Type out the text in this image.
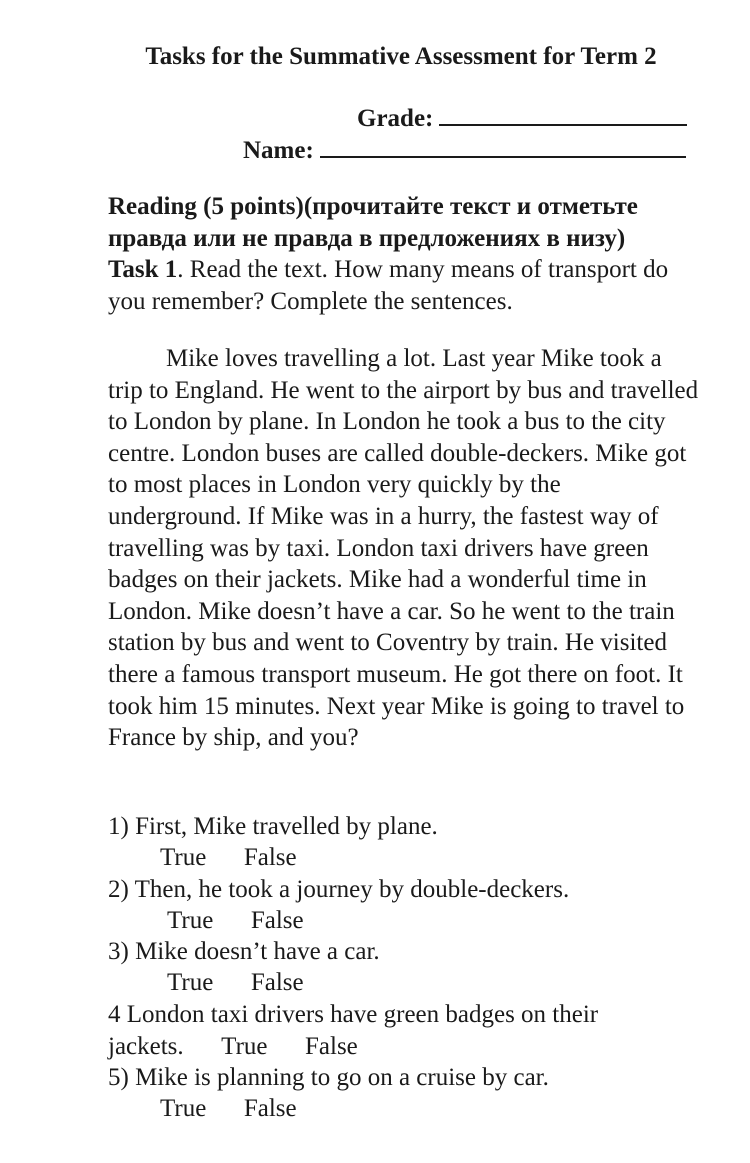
Tasks for the Summative Assessment for Term 2
Grade:
Name:
Reading (5 points)(прочитайте текст и отметьте правда или не правда в предложениях в низу)
Task 1. Read the text. How many means of transport do you remember? Complete the sentences.
Mike loves travelling a lot. Last year Mike took a trip to England. He went to the airport by bus and travelled to London by plane. In London he took a bus to the city centre. London buses are called double-deckers. Mike got to most places in London very quickly by the underground. If Mike was in a hurry, the fastest way of travelling was by taxi. London taxi drivers have green badges on their jackets. Mike had a wonderful time in London. Mike doesn’t have a car. So he went to the train station by bus and went to Coventry by train. He visited there a famous transport museum. He got there on foot. It took him 15 minutes. Next year Mike is going to travel to France by ship, and you?
1) First, Mike travelled by plane.
True False
2) Then, he took a journey by double-deckers.
True False
3) Mike doesn’t have a car.
True False
4 London taxi drivers have green badges on their
jackets. True False
5) Mike is planning to go on a cruise by car.
True False
